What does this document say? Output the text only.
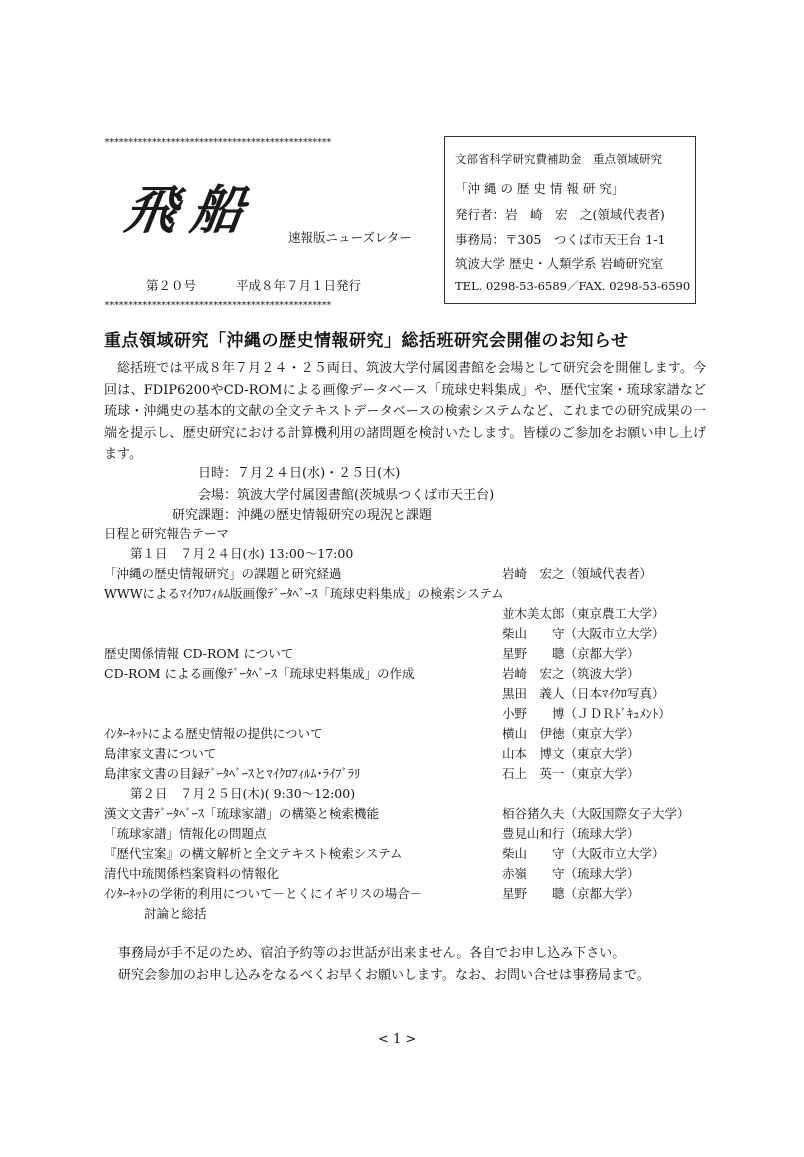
************************************************
飛船 速報版ニューズレター
第２０号	平成８年７月１日発行
************************************************
文部省科学研究費補助金　重点領域研究
「沖 縄 の 歴 史 情 報 研 究」
発行者：岩　崎　宏　之(領域代表者)
事務局：〒305　つくば市天王台 1-1
筑波大学 歴史・人類学系 岩崎研究室
TEL. 0298-53-6589／FAX. 0298-53-6590
重点領域研究「沖縄の歴史情報研究」総括班研究会開催のお知らせ
総括班では平成８年７月２４・２５両日、筑波大学付属図書館を会場として研究会を開催します。今回は、FDIP6200やCD-ROMによる画像データベース「琉球史料集成」や、歴代宝案・琉球家譜など琉球・沖縄史の基本的文献の全文テキストデータベースの検索システムなど、これまでの研究成果の一端を提示し、歴史研究における計算機利用の諸問題を検討いたします。皆様のご参加をお願い申し上げます。
日時：７月２４日(水)・２５日(木)
会場：筑波大学付属図書館(茨城県つくば市天王台)
研究課題：沖縄の歴史情報研究の現況と課題
日程と研究報告テーマ
第１日　７月２４日(水) 13:00～17:00
「沖縄の歴史情報研究」の課題と研究経過	岩崎　宏之（領域代表者）
WWWによるﾏｲｸﾛﾌｨﾙﾑ版画像ﾃﾞｰﾀﾍﾞｰｽ「琉球史料集成」の検索システム
並木美太郎（東京農工大学）
柴山　　守（大阪市立大学）
歴史関係情報 CD-ROM について	星野　　聰（京都大学）
CD-ROM による画像ﾃﾞｰﾀﾍﾞｰｽ「琉球史料集成」の作成	岩崎　宏之（筑波大学）
黒田　義人（日本ﾏｲｸﾛ写真）
小野　　博（ＪＤＲﾄﾞｷｭﾒﾝﾄ）
ｲﾝﾀｰﾈｯﾄによる歴史情報の提供について	横山　伊徳（東京大学）
島津家文書について	山本　博文（東京大学）
島津家文書の目録ﾃﾞｰﾀﾍﾞｰｽとﾏｲｸﾛﾌｨﾙﾑ･ﾗｲﾌﾞﾗﾘ	石上　英一（東京大学）
第２日　７月２５日(木)( 9:30～12:00)
漢文文書ﾃﾞｰﾀﾍﾞｰｽ「琉球家譜」の構築と検索機能	栢谷猪久夫（大阪国際女子大学）
「琉球家譜」情報化の問題点	豊見山和行（琉球大学）
『歴代宝案』の構文解析と全文テキスト検索システム	柴山　　守（大阪市立大学）
清代中琉関係档案資料の情報化	赤嶺　　守（琉球大学）
ｲﾝﾀｰﾈｯﾄの学術的利用について－とくにイギリスの場合－	星野　　聰（京都大学）
討論と総括
事務局が手不足のため、宿泊予約等のお世話が出来ません。各自でお申し込み下さい。
研究会参加のお申し込みをなるべくお早くお願いします。なお、お問い合せは事務局まで。
< 1 >
